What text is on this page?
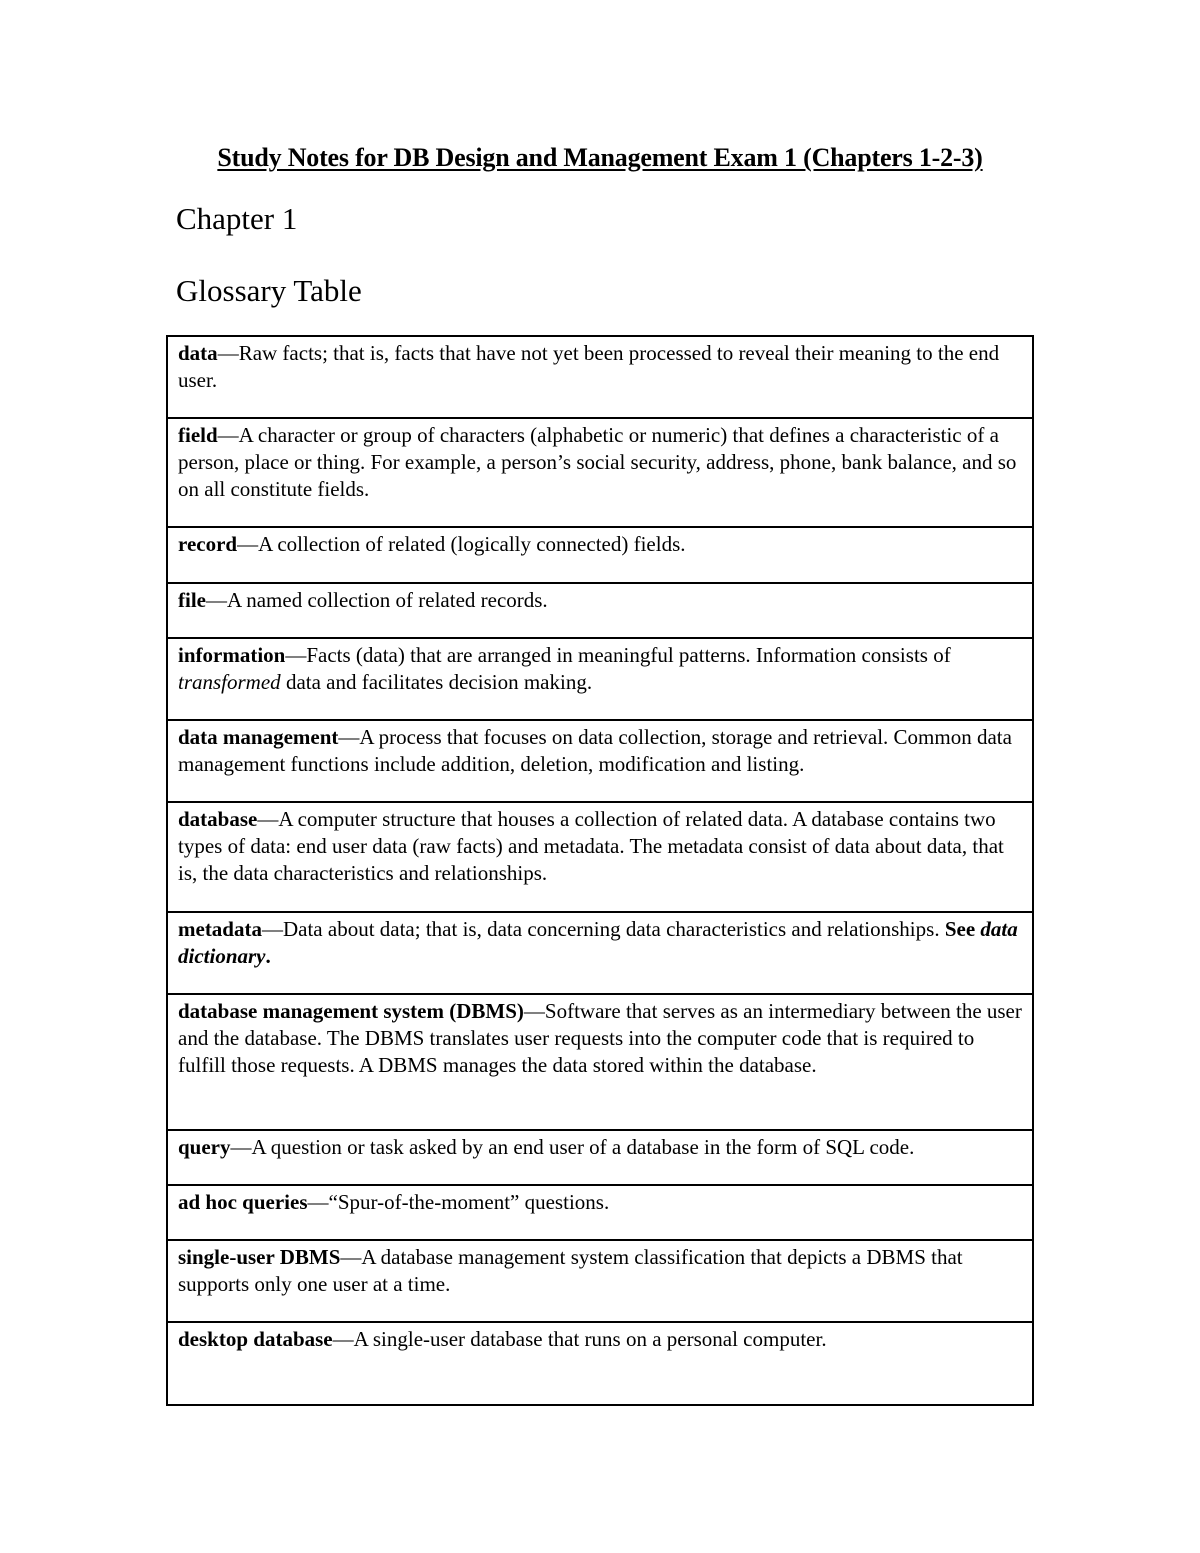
Study Notes for DB Design and Management Exam 1 (Chapters 1-2-3)
Chapter 1
Glossary Table
data—Raw facts; that is, facts that have not yet been processed to reveal their meaning to the end user.
field—A character or group of characters (alphabetic or numeric) that defines a characteristic of a person, place or thing. For example, a person’s social security, address, phone, bank balance, and so on all constitute fields.
record—A collection of related (logically connected) fields.
file—A named collection of related records.
information—Facts (data) that are arranged in meaningful patterns. Information consists of transformed data and facilitates decision making.
data management—A process that focuses on data collection, storage and retrieval. Common data management functions include addition, deletion, modification and listing.
database—A computer structure that houses a collection of related data. A database contains two types of data: end user data (raw facts) and metadata. The metadata consist of data about data, that is, the data characteristics and relationships.
metadata—Data about data; that is, data concerning data characteristics and relationships. See data dictionary.
database management system (DBMS)—Software that serves as an intermediary between the user and the database. The DBMS translates user requests into the computer code that is required to fulfill those requests. A DBMS manages the data stored within the database.
query—A question or task asked by an end user of a database in the form of SQL code.
ad hoc queries—“Spur-of-the-moment” questions.
single-user DBMS—A database management system classification that depicts a DBMS that supports only one user at a time.
desktop database—A single-user database that runs on a personal computer.
